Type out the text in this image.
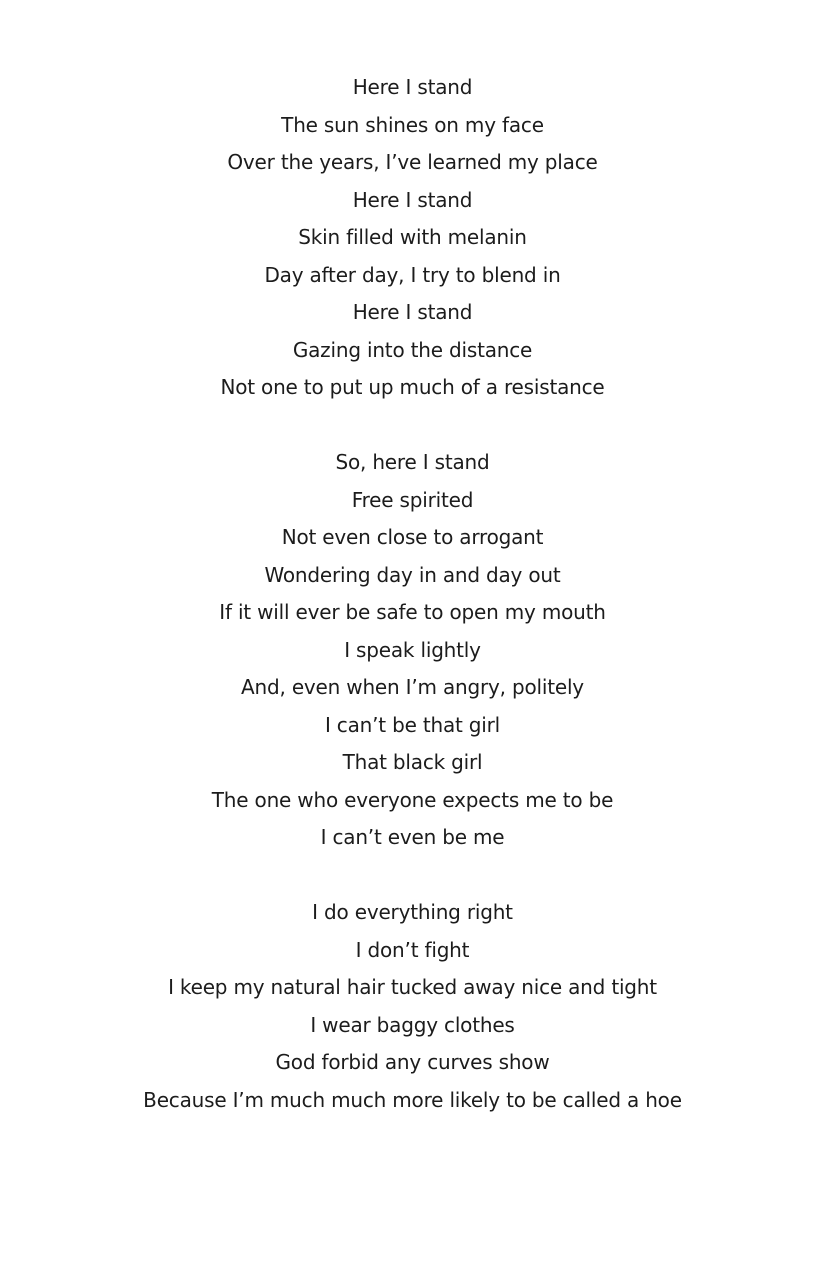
Here I stand
The sun shines on my face
Over the years, I’ve learned my place
Here I stand
Skin filled with melanin
Day after day, I try to blend in
Here I stand
Gazing into the distance
Not one to put up much of a resistance
So, here I stand
Free spirited
Not even close to arrogant
Wondering day in and day out
If it will ever be safe to open my mouth
I speak lightly
And, even when I’m angry, politely
I can’t be that girl
That black girl
The one who everyone expects me to be
I can’t even be me
I do everything right
I don’t fight
I keep my natural hair tucked away nice and tight
I wear baggy clothes
God forbid any curves show
Because I’m much much more likely to be called a hoe
